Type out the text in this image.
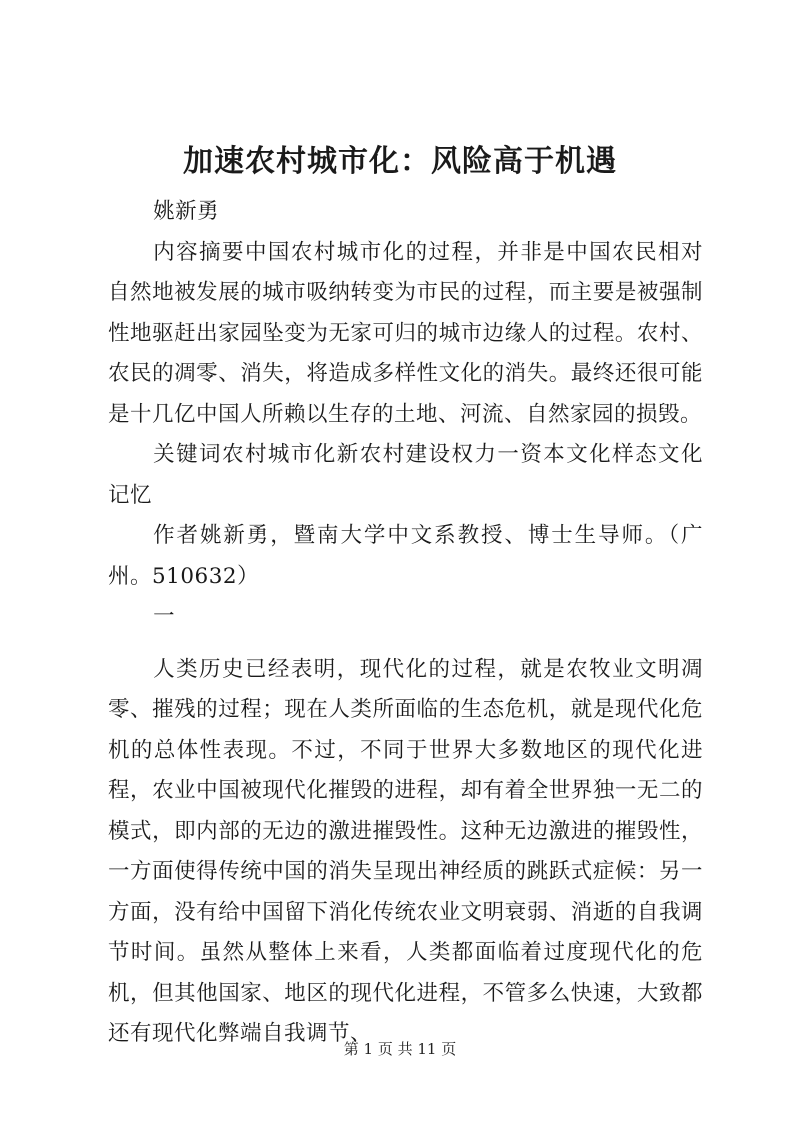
加速农村城市化：风险高于机遇

姚新勇

内容摘要中国农村城市化的过程，并非是中国农民相对自然地被发展的城市吸纳转变为市民的过程，而主要是被强制性地驱赶出家园坠变为无家可归的城市边缘人的过程。农村、农民的凋零、消失，将造成多样性文化的消失。最终还很可能是十几亿中国人所赖以生存的土地、河流、自然家园的损毁。

关键词农村城市化新农村建设权力一资本文化样态文化记忆

作者姚新勇，暨南大学中文系教授、博士生导师。（广州。510632）

一

人类历史已经表明，现代化的过程，就是农牧业文明凋零、摧残的过程；现在人类所面临的生态危机，就是现代化危机的总体性表现。不过，不同于世界大多数地区的现代化进程，农业中国被现代化摧毁的进程，却有着全世界独一无二的模式，即内部的无边的激进摧毁性。这种无边激进的摧毁性，一方面使得传统中国的消失呈现出神经质的跳跃式症候：另一方面，没有给中国留下消化传统农业文明衰弱、消逝的自我调节时间。虽然从整体上来看，人类都面临着过度现代化的危机，但其他国家、地区的现代化进程，不管多么快速，大致都还有现代化弊端自我调节、

第 1 页 共 11 页
